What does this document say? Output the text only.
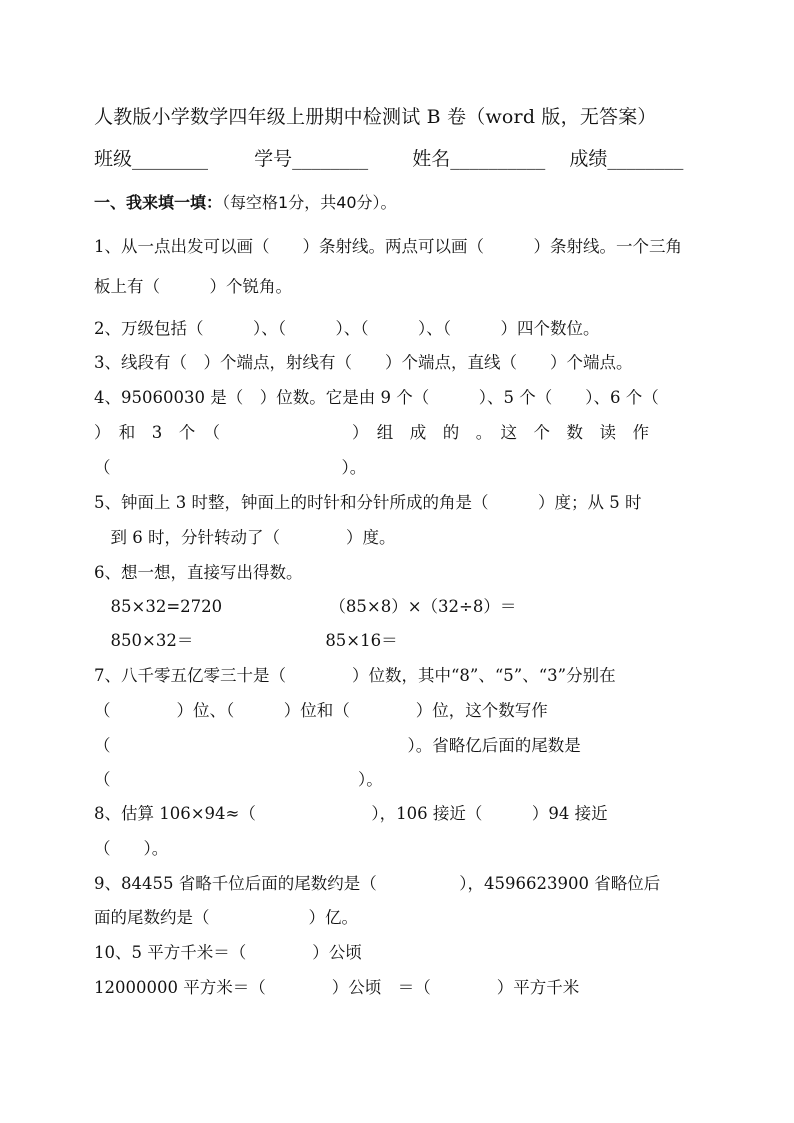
人教版小学数学四年级上册期中检测试 B 卷（word 版，无答案）
班级________ 学号________ 姓名__________ 成绩________
一、我来填一填：（每空格1分，共40分）。
1、从一点出发可以画（　　）条射线。两点可以画（　　　）条射线。一个三角
板上有（　　　）个锐角。
2、万级包括（　　　）、（　　　）、（　　　）、（　　　）四个数位。
3、线段有（　）个端点，射线有（　　）个端点，直线（　　）个端点。
4、95060030 是（　）位数。它是由 9 个（　　　）、5 个（　　）、6 个（
）　和　3　个　（　　　　　　　　）　组　成　的　。　这　个　数　读　作
（　　　　　　　　　　　　　　）。
5、钟面上 3 时整，钟面上的时针和分针所成的角是（　　　）度；从 5 时
　到 6 时，分针转动了（　　　　）度。
6、想一想，直接写出得数。
　85×32=2720　　　　　　　（85×8）×（32÷8）＝
　850×32＝　　　　　　　　85×16＝
7、八千零五亿零三十是（　　　　）位数，其中“8”、“5”、“3”分别在
（　　　　）位、（　　　）位和（　　　　）位，这个数写作
（　　　　　　　　　　　　　　　　　　）。省略亿后面的尾数是
（　　　　　　　　　　　　　　　）。
8、估算 106×94≈（　　　　　　　），106 接近（　　　）94 接近
（　　）。
9、84455 省略千位后面的尾数约是（　　　　　），4596623900 省略位后
面的尾数约是（　　　　　　）亿。
10、5 平方千米＝（　　　　）公顷
12000000 平方米＝（　　　　）公顷　＝（　　　　）平方千米
